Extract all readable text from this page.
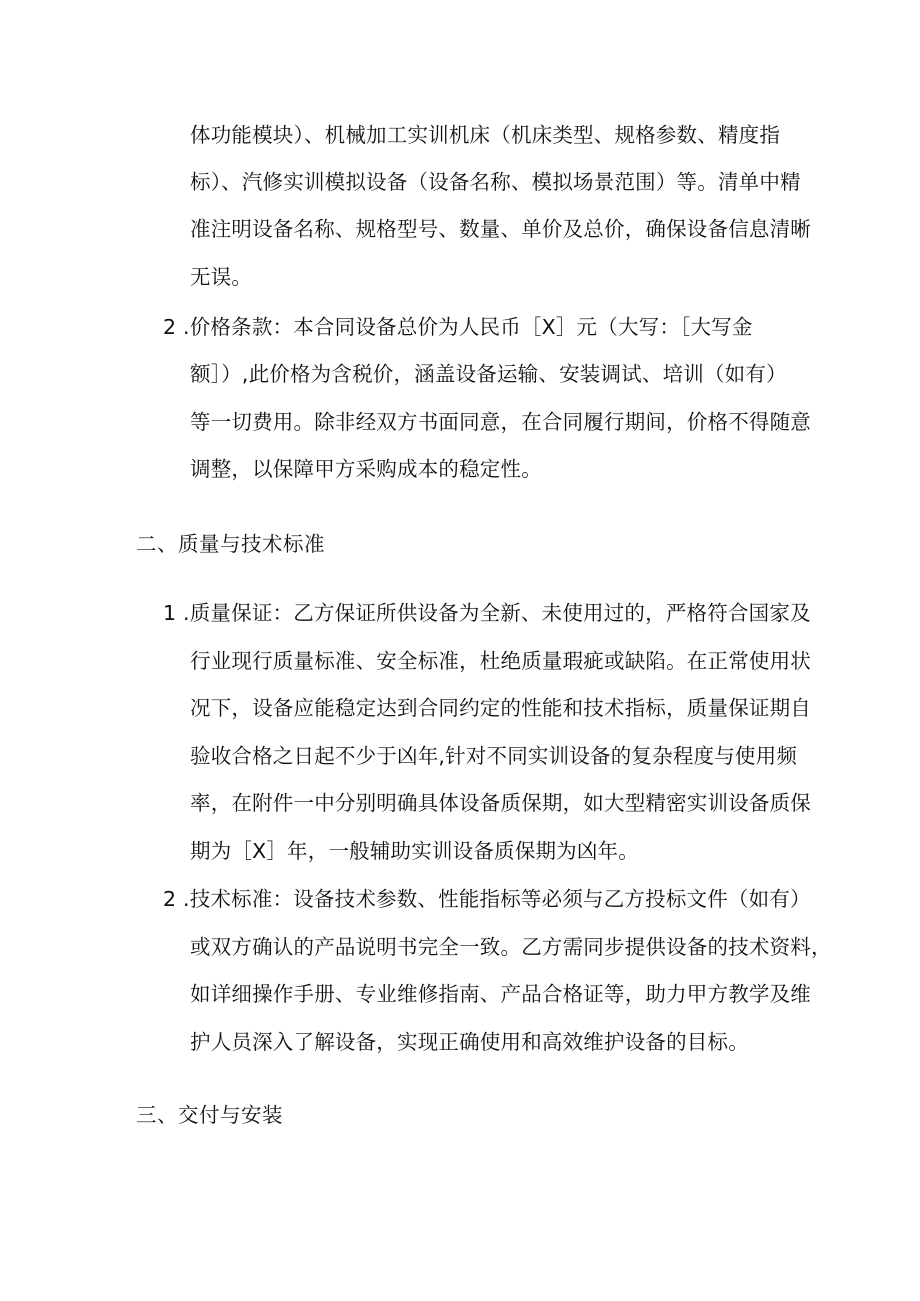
体功能模块）、机械加工实训机床（机床类型、规格参数、精度指
标）、汽修实训模拟设备（设备名称、模拟场景范围）等。清单中精
准注明设备名称、规格型号、数量、单价及总价，确保设备信息清晰
无误。
2 .价格条款：本合同设备总价为人民币［X］元（大写：［大写金
额］）,此价格为含税价，涵盖设备运输、安装调试、培训（如有）
等一切费用。除非经双方书面同意，在合同履行期间，价格不得随意
调整，以保障甲方采购成本的稳定性。
二、质量与技术标准
1 .质量保证：乙方保证所供设备为全新、未使用过的，严格符合国家及
行业现行质量标准、安全标准，杜绝质量瑕疵或缺陷。在正常使用状
况下，设备应能稳定达到合同约定的性能和技术指标，质量保证期自
验收合格之日起不少于凶年,针对不同实训设备的复杂程度与使用频
率，在附件一中分别明确具体设备质保期，如大型精密实训设备质保
期为［X］年，一般辅助实训设备质保期为凶年。
2 .技术标准：设备技术参数、性能指标等必须与乙方投标文件（如有）
或双方确认的产品说明书完全一致。乙方需同步提供设备的技术资料，
如详细操作手册、专业维修指南、产品合格证等，助力甲方教学及维
护人员深入了解设备，实现正确使用和高效维护设备的目标。
三、交付与安装
